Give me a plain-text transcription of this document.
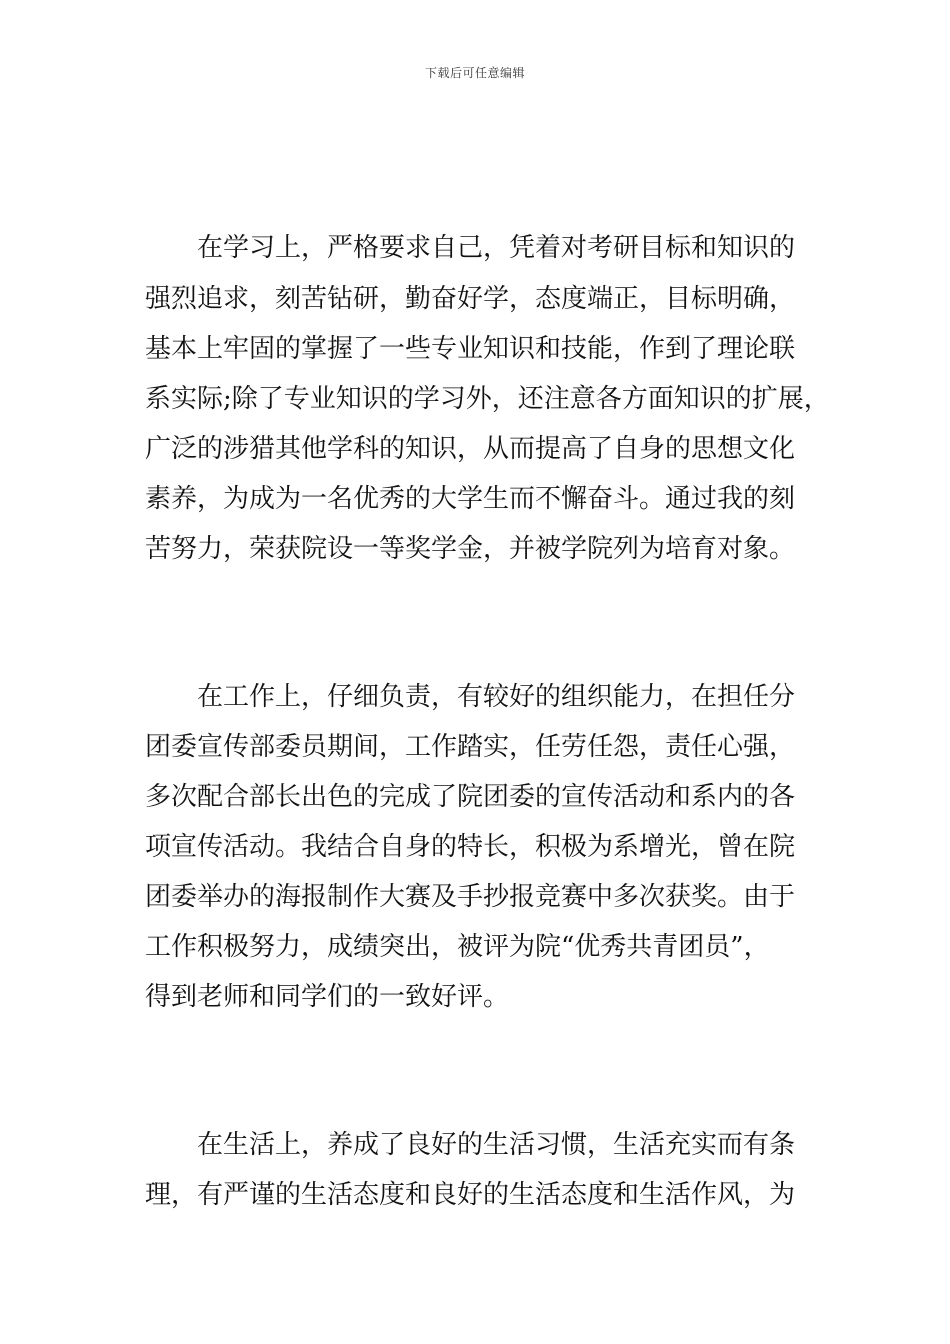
下载后可任意编辑
在学习上，严格要求自己，凭着对考研目标和知识的
强烈追求，刻苦钻研，勤奋好学，态度端正，目标明确，
基本上牢固的掌握了一些专业知识和技能，作到了理论联
系实际;除了专业知识的学习外，还注意各方面知识的扩展，
广泛的涉猎其他学科的知识，从而提高了自身的思想文化
素养，为成为一名优秀的大学生而不懈奋斗。通过我的刻
苦努力，荣获院设一等奖学金，并被学院列为培育对象。
在工作上，仔细负责，有较好的组织能力，在担任分
团委宣传部委员期间，工作踏实，任劳任怨，责任心强，
多次配合部长出色的完成了院团委的宣传活动和系内的各
项宣传活动。我结合自身的特长，积极为系增光，曾在院
团委举办的海报制作大赛及手抄报竞赛中多次获奖。由于
工作积极努力，成绩突出，被评为院“优秀共青团员”，
得到老师和同学们的一致好评。
在生活上，养成了良好的生活习惯，生活充实而有条
理，有严谨的生活态度和良好的生活态度和生活作风，为
